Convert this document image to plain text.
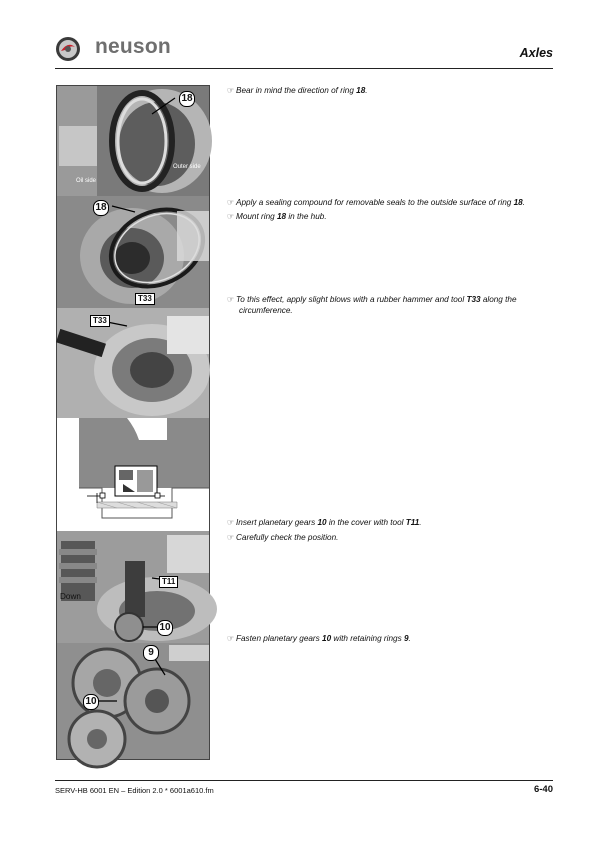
neuson	Axles
18
Oil side
Outer side
18
T33
T33
T11
Down
10
9
10
☞ Bear in mind the direction of ring 18.
☞ Apply a sealing compound for removable seals to the outside surface of ring 18.
☞ Mount ring 18 in the hub.
☞ To this effect, apply slight blows with a rubber hammer and tool T33 along the
circumference.
☞ Insert planetary gears 10 in the cover with tool T11.
☞ Carefully check the position.
☞ Fasten planetary gears 10 with retaining rings 9.
SERV-HB 6001 EN – Edition 2.0 * 6001a610.fm	6-40
